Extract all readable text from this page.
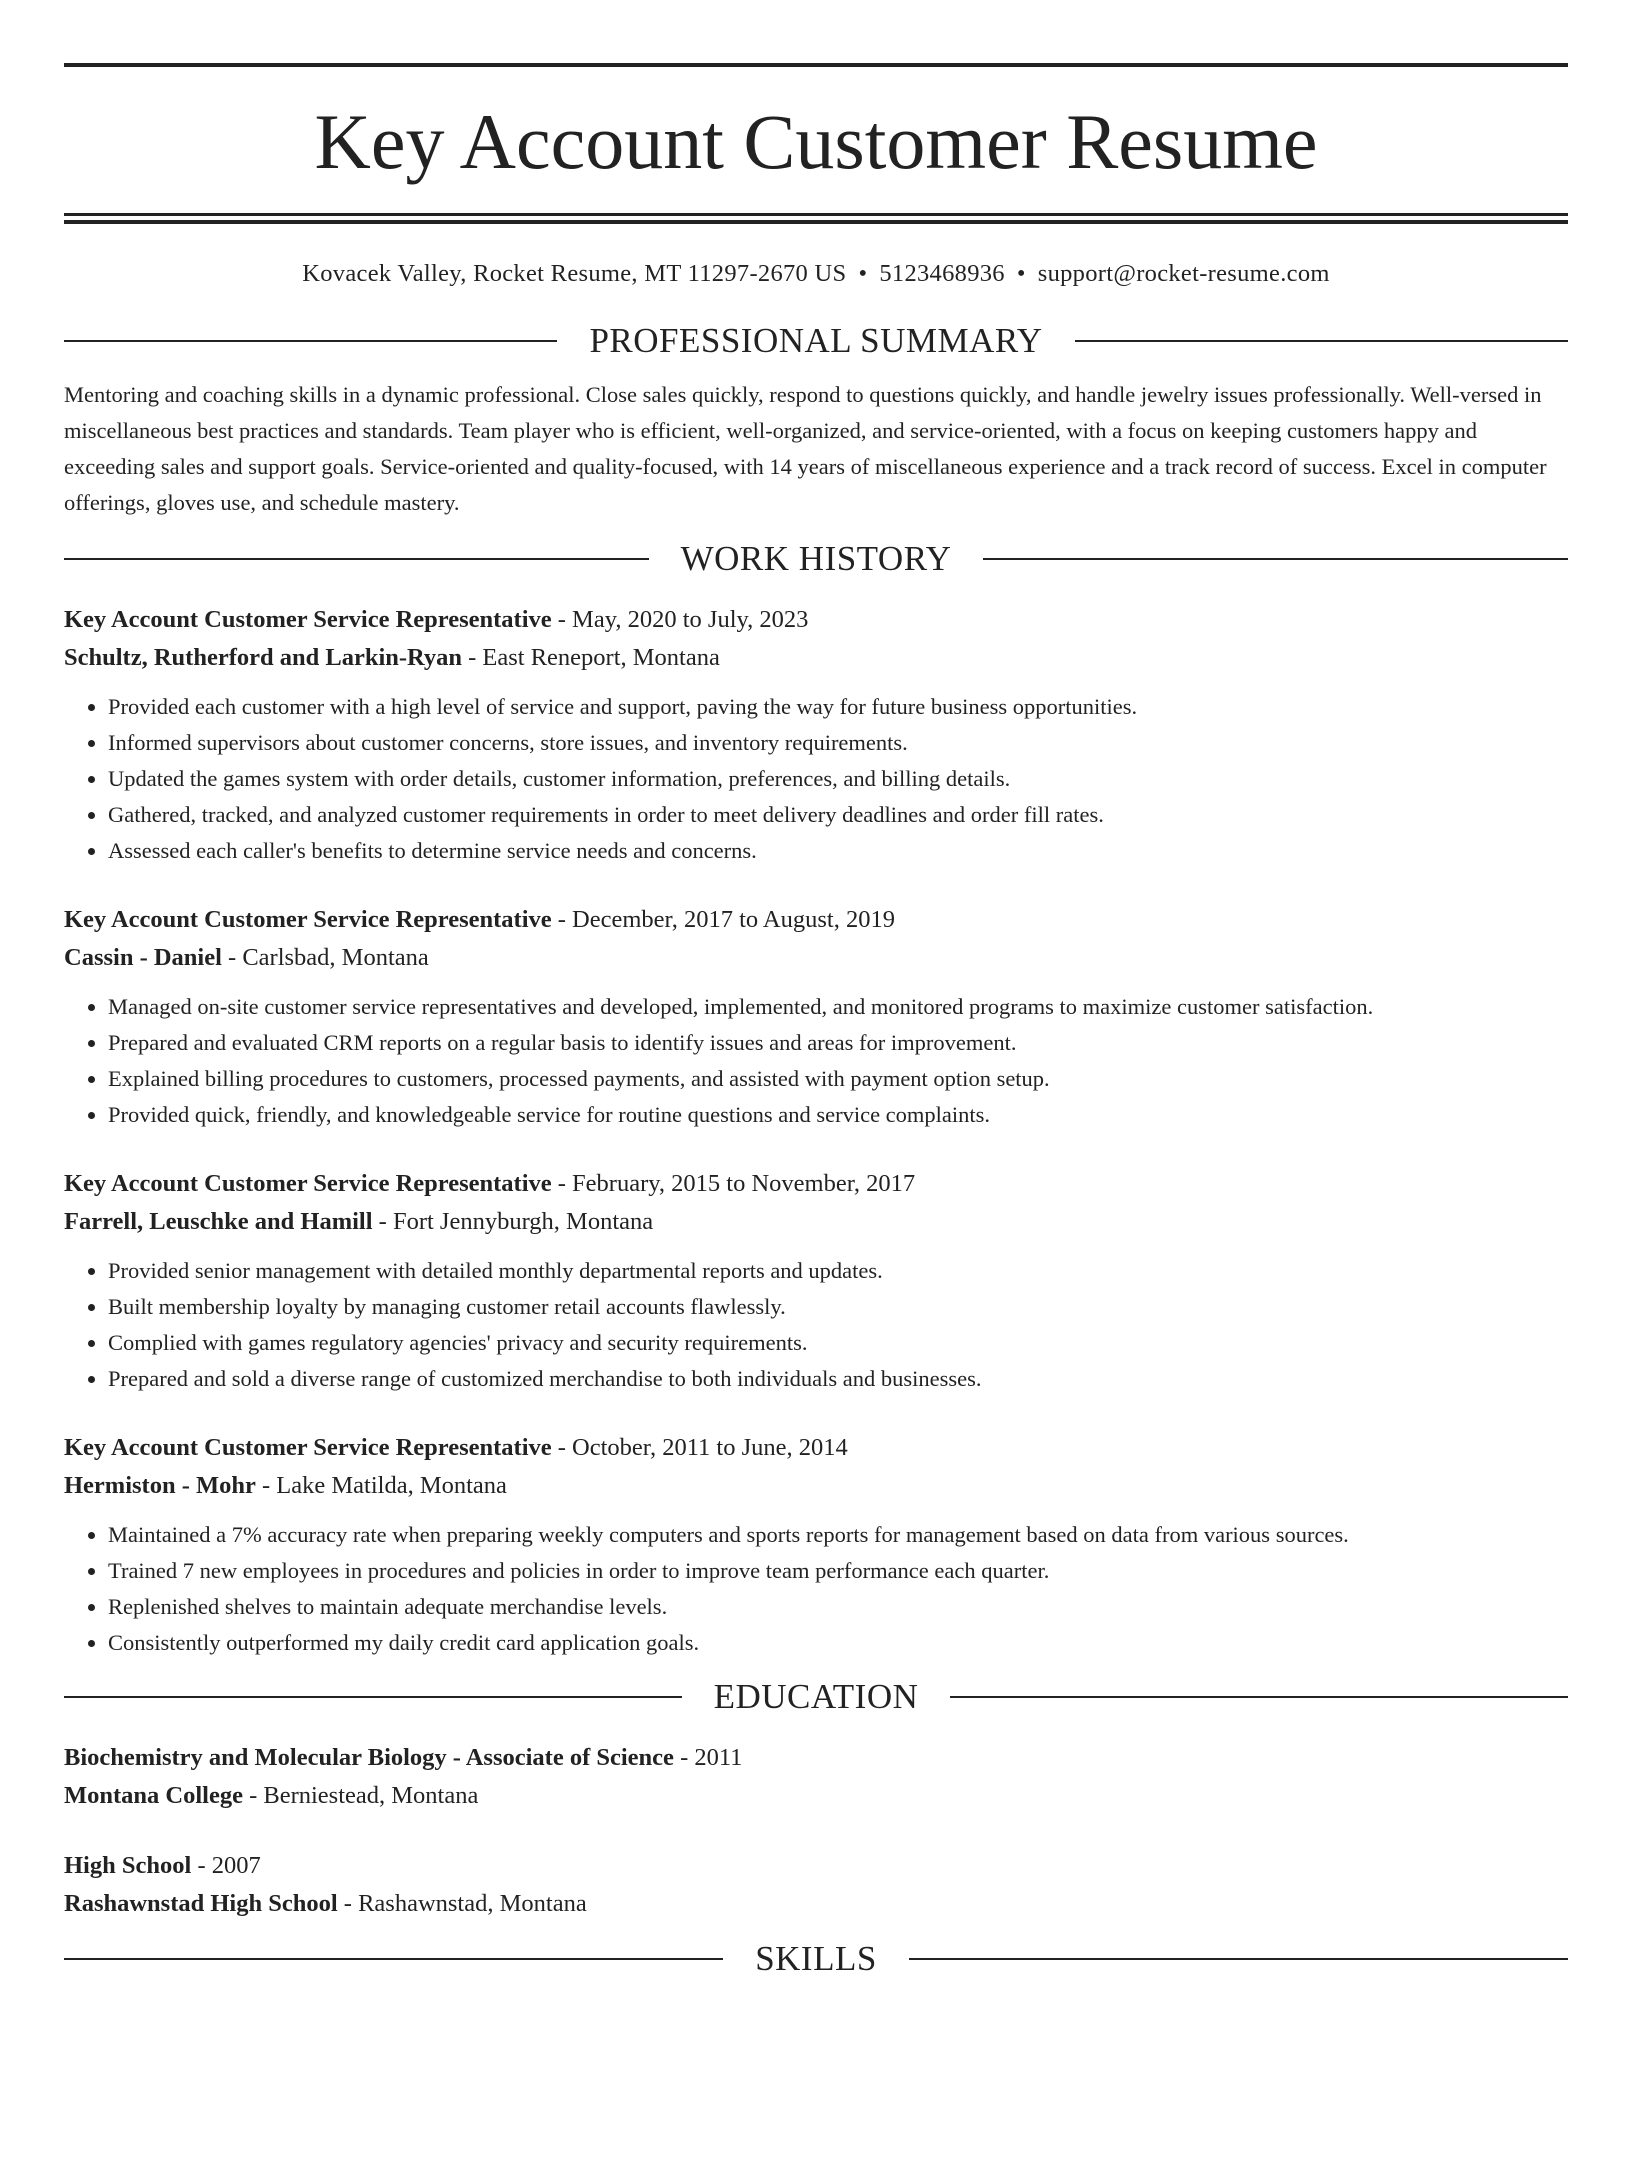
Key Account Customer Resume
Kovacek Valley, Rocket Resume, MT 11297-2670 US • 5123468936 • support@rocket-resume.com
PROFESSIONAL SUMMARY

Mentoring and coaching skills in a dynamic professional. Close sales quickly, respond to questions quickly, and handle jewelry issues professionally. Well-versed in miscellaneous best practices and standards. Team player who is efficient, well-organized, and service-oriented, with a focus on keeping customers happy and exceeding sales and support goals. Service-oriented and quality-focused, with 14 years of miscellaneous experience and a track record of success. Excel in computer offerings, gloves use, and schedule mastery.

WORK HISTORY
Key Account Customer Service Representative - May, 2020 to July, 2023
Schultz, Rutherford and Larkin-Ryan - East Reneport, Montana
• Provided each customer with a high level of service and support, paving the way for future business opportunities.
• Informed supervisors about customer concerns, store issues, and inventory requirements.
• Updated the games system with order details, customer information, preferences, and billing details.
• Gathered, tracked, and analyzed customer requirements in order to meet delivery deadlines and order fill rates.
• Assessed each caller's benefits to determine service needs and concerns.
Key Account Customer Service Representative - December, 2017 to August, 2019
Cassin - Daniel - Carlsbad, Montana
• Managed on-site customer service representatives and developed, implemented, and monitored programs to maximize customer satisfaction.
• Prepared and evaluated CRM reports on a regular basis to identify issues and areas for improvement.
• Explained billing procedures to customers, processed payments, and assisted with payment option setup.
• Provided quick, friendly, and knowledgeable service for routine questions and service complaints.
Key Account Customer Service Representative - February, 2015 to November, 2017
Farrell, Leuschke and Hamill - Fort Jennyburgh, Montana
• Provided senior management with detailed monthly departmental reports and updates.
• Built membership loyalty by managing customer retail accounts flawlessly.
• Complied with games regulatory agencies' privacy and security requirements.
• Prepared and sold a diverse range of customized merchandise to both individuals and businesses.
Key Account Customer Service Representative - October, 2011 to June, 2014
Hermiston - Mohr - Lake Matilda, Montana
• Maintained a 7% accuracy rate when preparing weekly computers and sports reports for management based on data from various sources.
• Trained 7 new employees in procedures and policies in order to improve team performance each quarter.
• Replenished shelves to maintain adequate merchandise levels.
• Consistently outperformed my daily credit card application goals.
EDUCATION
Biochemistry and Molecular Biology - Associate of Science - 2011
Montana College - Berniestead, Montana
High School - 2007
Rashawnstad High School - Rashawnstad, Montana
SKILLS
